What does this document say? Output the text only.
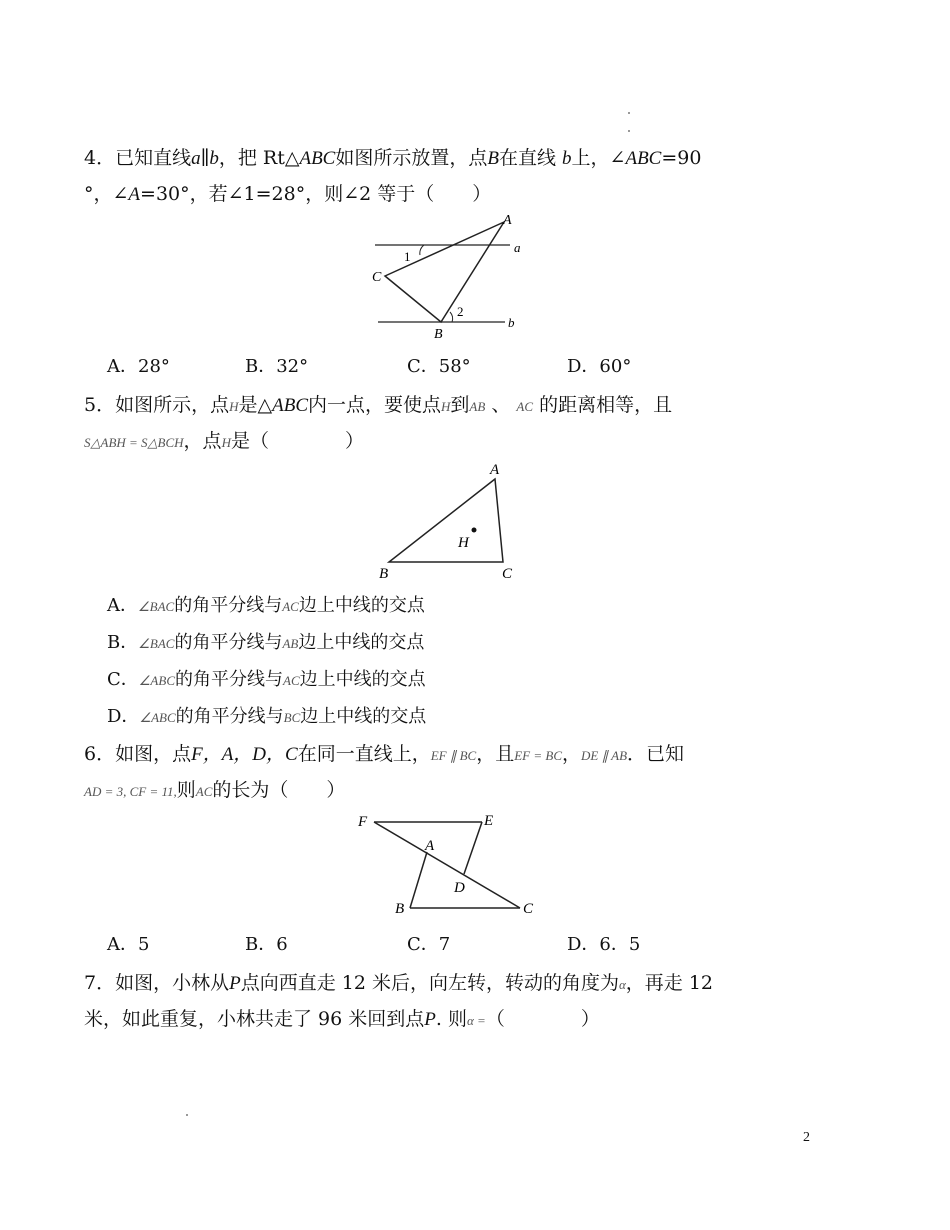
4．已知直线a∥b，把 Rt△ABC如图所示放置，点B在直线 b上，∠ABC=90
°，∠A=30°，若∠1=28°，则∠2 等于（　　）
A
a
C
1
2
B
b
A．28°	B．32°	C．58°	D．60°
5．如图所示，点H是△ABC内一点，要使点H到AB 、 AC 的距离相等，且
S△ABH = S△BCH，点H是（　　　　）
A
H
B	C
A．∠BAC的角平分线与AC边上中线的交点
B．∠BAC的角平分线与AB边上中线的交点
C．∠ABC的角平分线与AC边上中线的交点
D．∠ABC的角平分线与BC边上中线的交点
6．如图，点F，A，D，C在同一直线上，EF ∥ BC，且EF = BC，DE ∥ AB．已知
AD = 3, CF = 11,则AC的长为（　　）
F	E
A
D
B	C
A．5	B．6	C．7	D．6．5
7．如图，小林从P点向西直走 12 米后，向左转，转动的角度为α，再走 12
米，如此重复，小林共走了 96 米回到点P. 则α =（　　　　）
2
